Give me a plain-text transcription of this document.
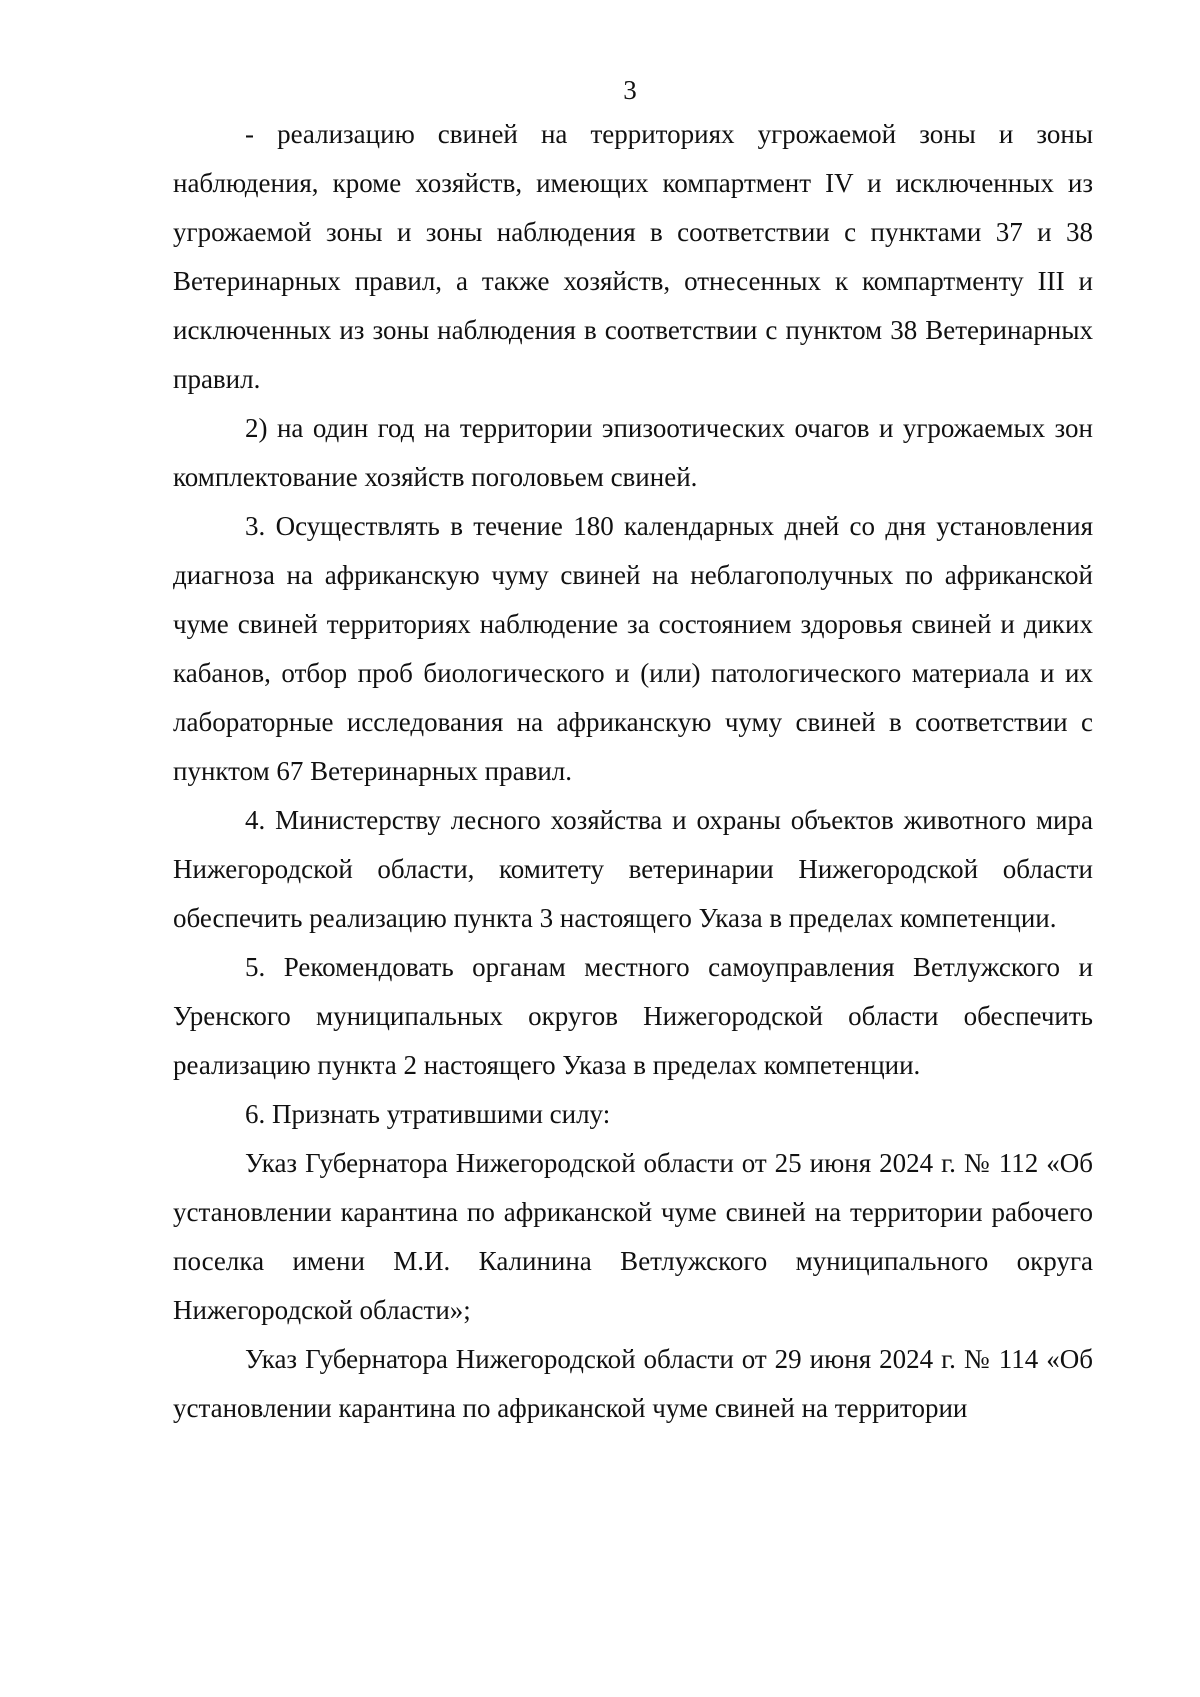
3

- реализацию свиней на территориях угрожаемой зоны и зоны наблюдения, кроме хозяйств, имеющих компартмент IV и исключенных из угрожаемой зоны и зоны наблюдения в соответствии с пунктами 37 и 38 Ветеринарных правил, а также хозяйств, отнесенных к компартменту III и исключенных из зоны наблюдения в соответствии с пунктом 38 Ветеринарных правил.

2) на один год на территории эпизоотических очагов и угрожаемых зон комплектование хозяйств поголовьем свиней.

3. Осуществлять в течение 180 календарных дней со дня установления диагноза на африканскую чуму свиней на неблагополучных по африканской чуме свиней территориях наблюдение за состоянием здоровья свиней и диких кабанов, отбор проб биологического и (или) патологического материала и их лабораторные исследования на африканскую чуму свиней в соответствии с пунктом 67 Ветеринарных правил.

4. Министерству лесного хозяйства и охраны объектов животного мира Нижегородской области, комитету ветеринарии Нижегородской области обеспечить реализацию пункта 3 настоящего Указа в пределах компетенции.

5. Рекомендовать органам местного самоуправления Ветлужского и Уренского муниципальных округов Нижегородской области обеспечить реализацию пункта 2 настоящего Указа в пределах компетенции.

6. Признать утратившими силу:

Указ Губернатора Нижегородской области от 25 июня 2024 г. № 112 «Об установлении карантина по африканской чуме свиней на территории рабочего поселка имени М.И. Калинина Ветлужского муниципального округа Нижегородской области»;

Указ Губернатора Нижегородской области от 29 июня 2024 г. № 114 «Об установлении карантина по африканской чуме свиней на территории
